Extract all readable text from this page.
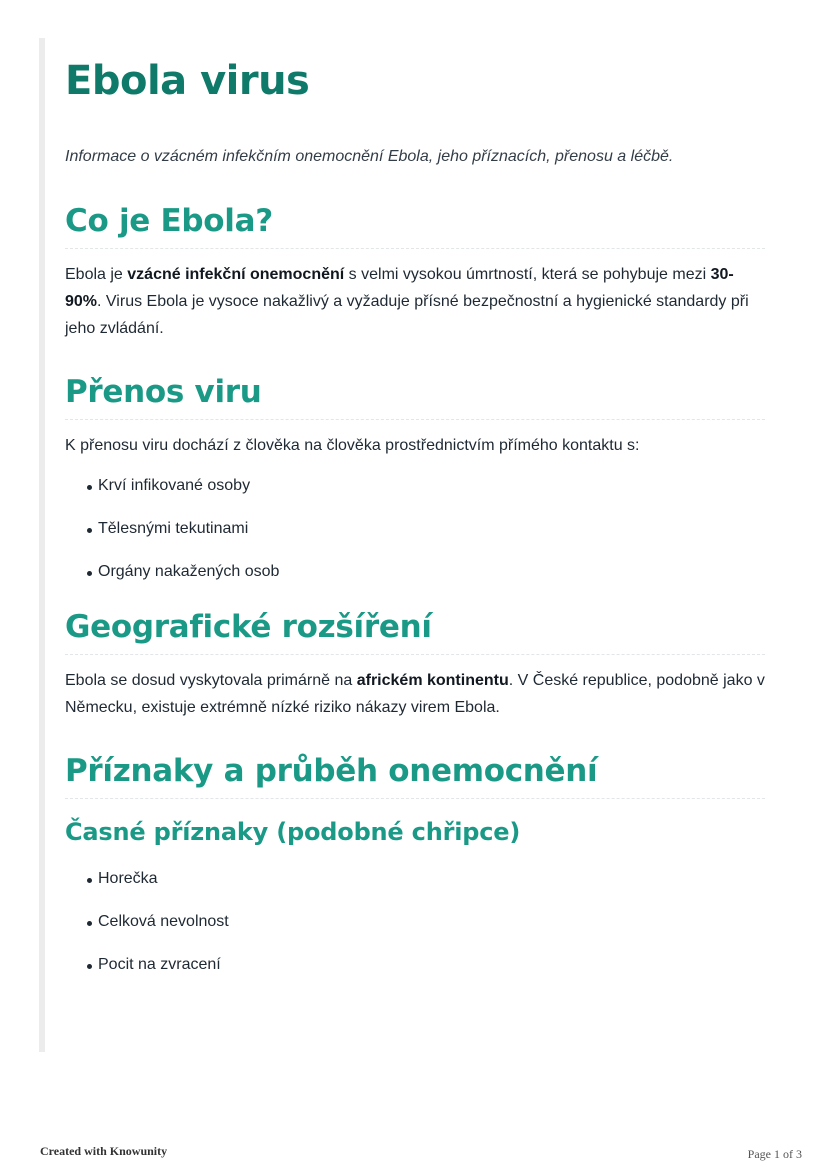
Ebola virus

Informace o vzácném infekčním onemocnění Ebola, jeho příznacích, přenosu a léčbě.

Co je Ebola?

Ebola je vzácné infekční onemocnění s velmi vysokou úmrtností, která se pohybuje mezi 30-90%. Virus Ebola je vysoce nakažlivý a vyžaduje přísné bezpečnostní a hygienické standardy při jeho zvládání.

Přenos viru

K přenosu viru dochází z člověka na člověka prostřednictvím přímého kontaktu s:

Krví infikované osoby
Tělesnými tekutinami
Orgány nakažených osob
Geografické rozšíření

Ebola se dosud vyskytovala primárně na africkém kontinentu. V České republice, podobně jako v Německu, existuje extrémně nízké riziko nákazy virem Ebola.

Příznaky a průběh onemocnění
Časné příznaky (podobné chřipce)
Horečka
Celková nevolnost
Pocit na zvracení
Created with Knowunity	Page 1 of 3
